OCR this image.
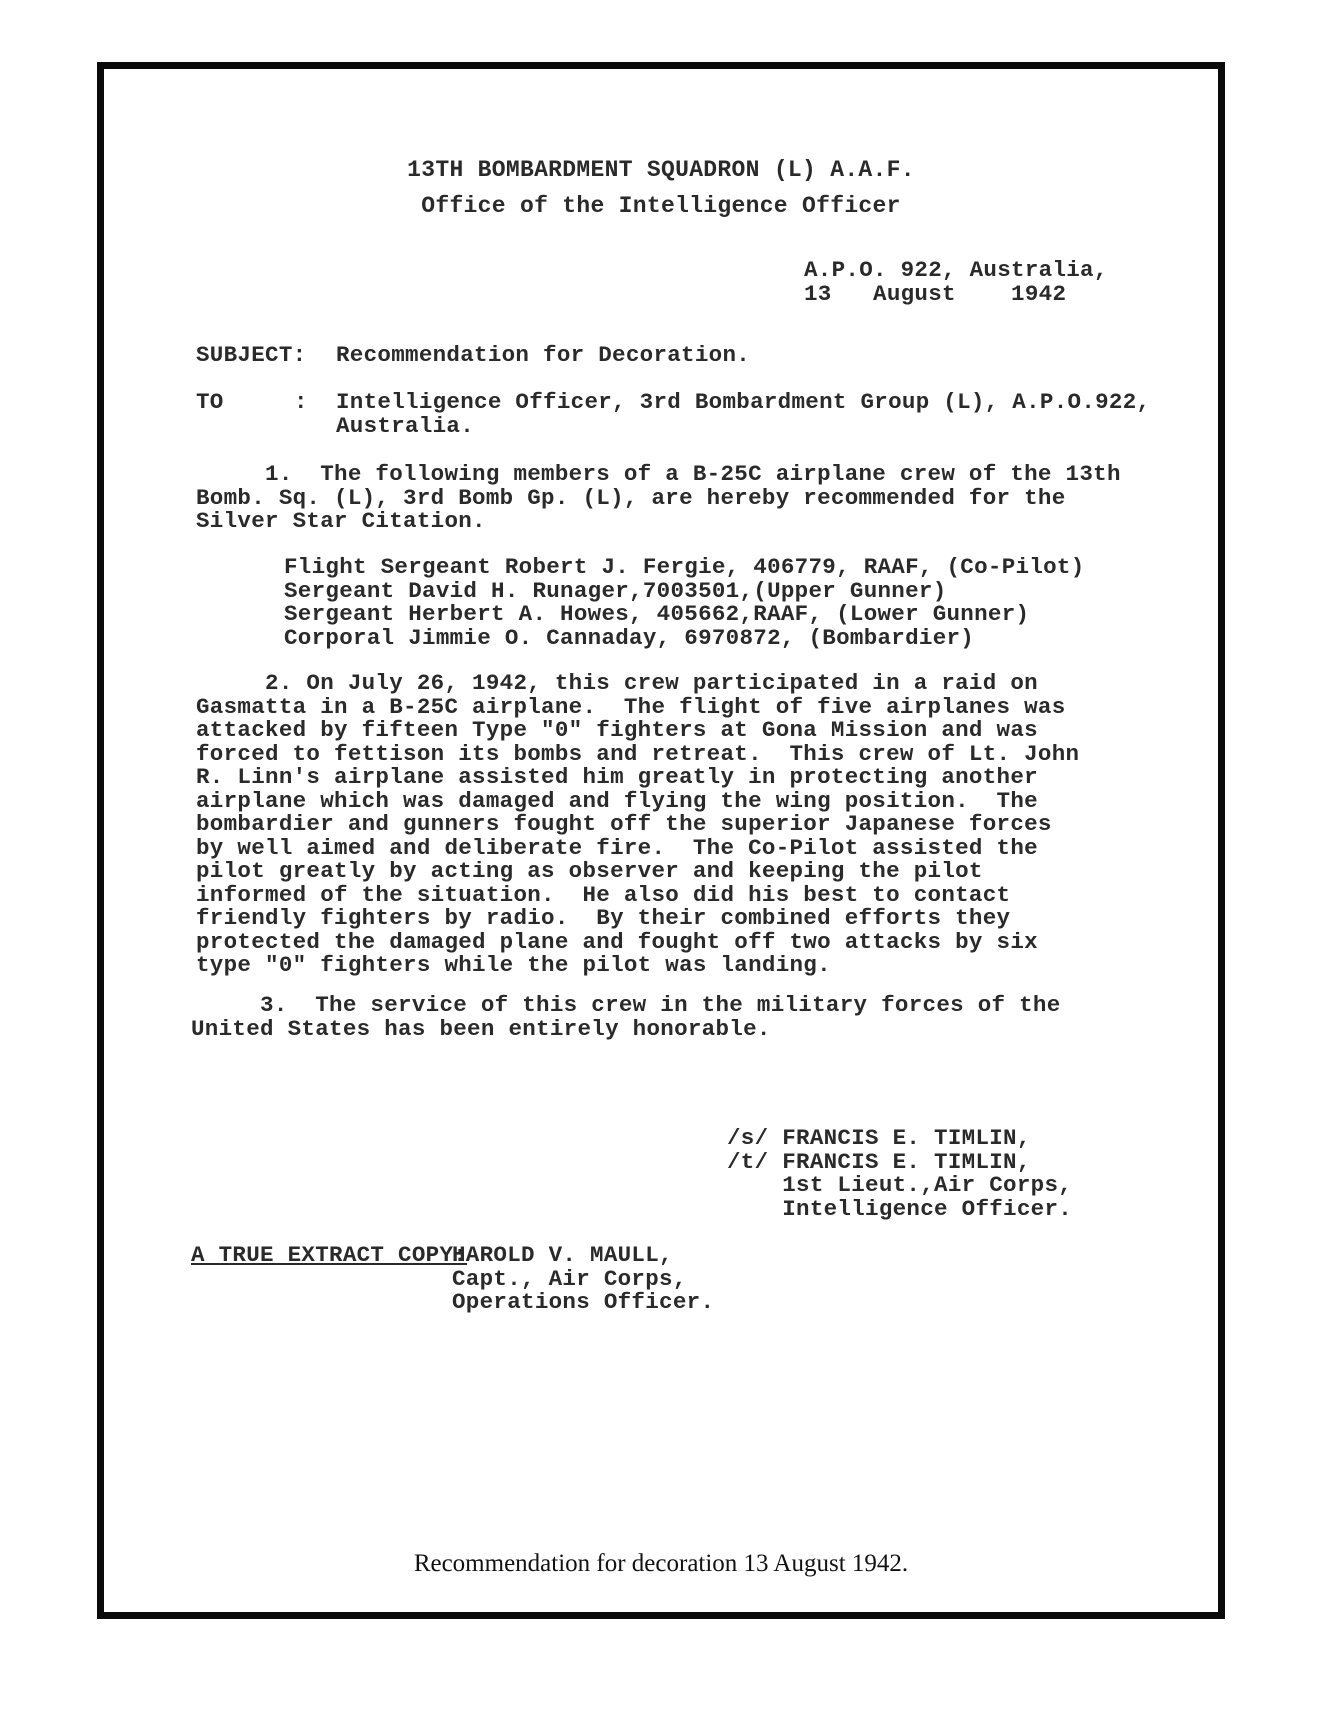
13TH BOMBARDMENT SQUADRON (L) A.A.F.
Office of the Intelligence Officer
A.P.O. 922, Australia,
13   August    1942
SUBJECT: Recommendation for Decoration.
TO	: Intelligence Officer, 3rd Bombardment Group (L), A.P.O.922,
Australia.
1.  The following members of a B-25C airplane crew of the 13th
Bomb. Sq. (L), 3rd Bomb Gp. (L), are hereby recommended for the
Silver Star Citation.
Flight Sergeant Robert J. Fergie, 406779, RAAF, (Co-Pilot)
Sergeant David H. Runager,7003501,(Upper Gunner)
Sergeant Herbert A. Howes, 405662,RAAF, (Lower Gunner)
Corporal Jimmie O. Cannaday, 6970872, (Bombardier)
2. On July 26, 1942, this crew participated in a raid on
Gasmatta in a B-25C airplane.  The flight of five airplanes was
attacked by fifteen Type "0" fighters at Gona Mission and was
forced to fettison its bombs and retreat.  This crew of Lt. John
R. Linn's airplane assisted him greatly in protecting another
airplane which was damaged and flying the wing position.  The
bombardier and gunners fought off the superior Japanese forces
by well aimed and deliberate fire.  The Co-Pilot assisted the
pilot greatly by acting as observer and keeping the pilot
informed of the situation.  He also did his best to contact
friendly fighters by radio.  By their combined efforts they
protected the damaged plane and fought off two attacks by six
type "0" fighters while the pilot was landing.
3.  The service of this crew in the military forces of the
United States has been entirely honorable.
/s/ FRANCIS E. TIMLIN,
/t/ FRANCIS E. TIMLIN,
1st Lieut.,Air Corps,
Intelligence Officer.
A TRUE EXTRACT COPY:
HAROLD V. MAULL,
Capt., Air Corps,
Operations Officer.
Recommendation for decoration 13 August 1942.
